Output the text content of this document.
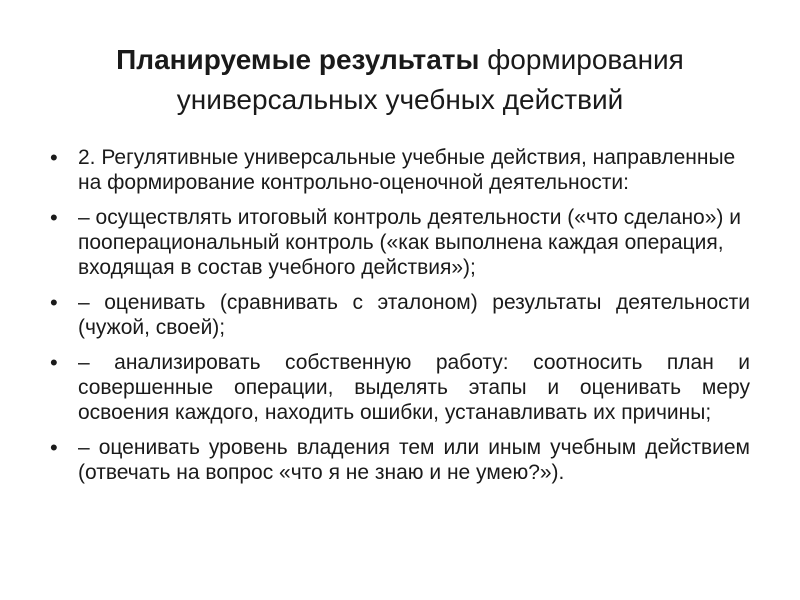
Планируемые результаты формирования
универсальных учебных действий
• 2. Регулятивные универсальные учебные действия, направленные на формирование контрольно-оценочной деятельности:
• – осуществлять итоговый контроль деятельности («что сделано») и пооперациональный контроль («как выполнена каждая операция, входящая в состав учебного действия»);
• – оценивать (сравнивать с эталоном) результаты деятельности (чужой, своей);
• – анализировать собственную работу: соотносить план и совершенные операции, выделять этапы и оценивать меру освоения каждого, находить ошибки, устанавливать их причины;
• – оценивать уровень владения тем или иным учебным действием (отвечать на вопрос «что я не знаю и не умею?»).
